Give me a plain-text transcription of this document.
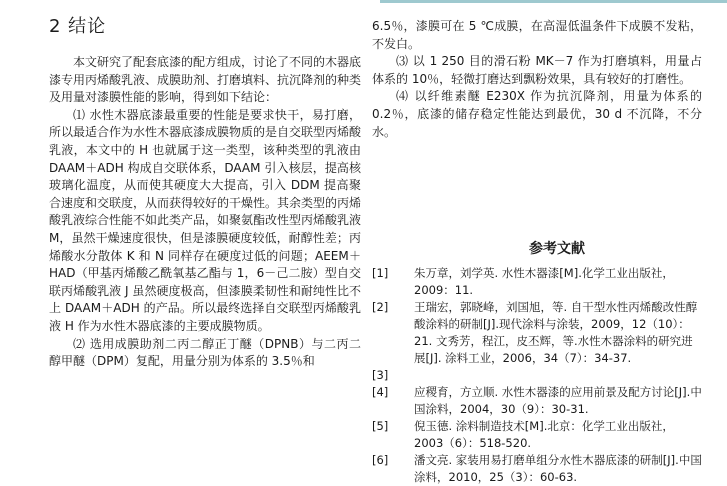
2 结论

本文研究了配套底漆的配方组成，讨论了不同的木器底漆专用丙烯酸乳液、成膜助剂、打磨填料、抗沉降剂的种类及用量对漆膜性能的影响，得到如下结论：

⑴ 水性木器底漆最重要的性能是要求快干，易打磨，所以最适合作为水性木器底漆成膜物质的是自交联型丙烯酸乳液，本文中的 H 也就属于这一类型，该种类型的乳液由 DAAM＋ADH 构成自交联体系，DAAM 引入核层，提高核玻璃化温度，从而使其硬度大大提高，引入 DDM 提高聚合速度和交联度，从而获得较好的干燥性。其余类型的丙烯酸乳液综合性能不如此类产品，如聚氨酯改性型丙烯酸乳液 M，虽然干燥速度很快，但是漆膜硬度较低，耐醇性差；丙烯酸水分散体 K 和 N 同样存在硬度过低的问题；AEEM＋HAD（甲基丙烯酸乙酰氧基乙酯与 1，6－己二胺）型自交联丙烯酸乳液 J 虽然硬度极高，但漆膜柔韧性和耐纯性比不上 DAAM＋ADH 的产品。所以最终选择自交联型丙烯酸乳液 H 作为水性木器底漆的主要成膜物质。

⑵ 选用成膜助剂二丙二醇正丁醚（DPNB）与二丙二醇甲醚（DPM）复配，用量分别为体系的 3.5％和

6.5％，漆膜可在 5 ℃成膜，在高湿低温条件下成膜不发粘，不发白。

⑶ 以 1 250 目的滑石粉 MK－7 作为打磨填料，用量占体系的 10％，轻微打磨达到飘粉效果，具有较好的打磨性。

⑷ 以纤维素醚 E230X 作为抗沉降剂，用量为体系的 0.2％，底漆的储存稳定性能达到最优，30 d 不沉降，不分水。

参考文献
[1]	朱万章，刘学英. 水性木器漆[M].化学工业出版社，2009：11.
[2]	王瑞宏，郭晓峰，刘国旭，等. 自干型水性丙烯酸改性醇酸涂料的研制[J].现代涂料与涂装，2009，12（10）：21. 文秀芳，程江，皮丕辉，等.水性木器涂料的研究进展[J]. 涂料工业，2006，34（7）：34-37.
[3]
[4]	应稷育，方立顺. 水性木器漆的应用前景及配方讨论[J].中国涂料，2004，30（9）：30-31.
[5]	倪玉德. 涂料制造技术[M].北京：化学工业出版社，2003（6）：518-520.
[6]	潘文亮. 家装用易打磨单组分水性木器底漆的研制[J].中国涂料，2010，25（3）：60-63.
